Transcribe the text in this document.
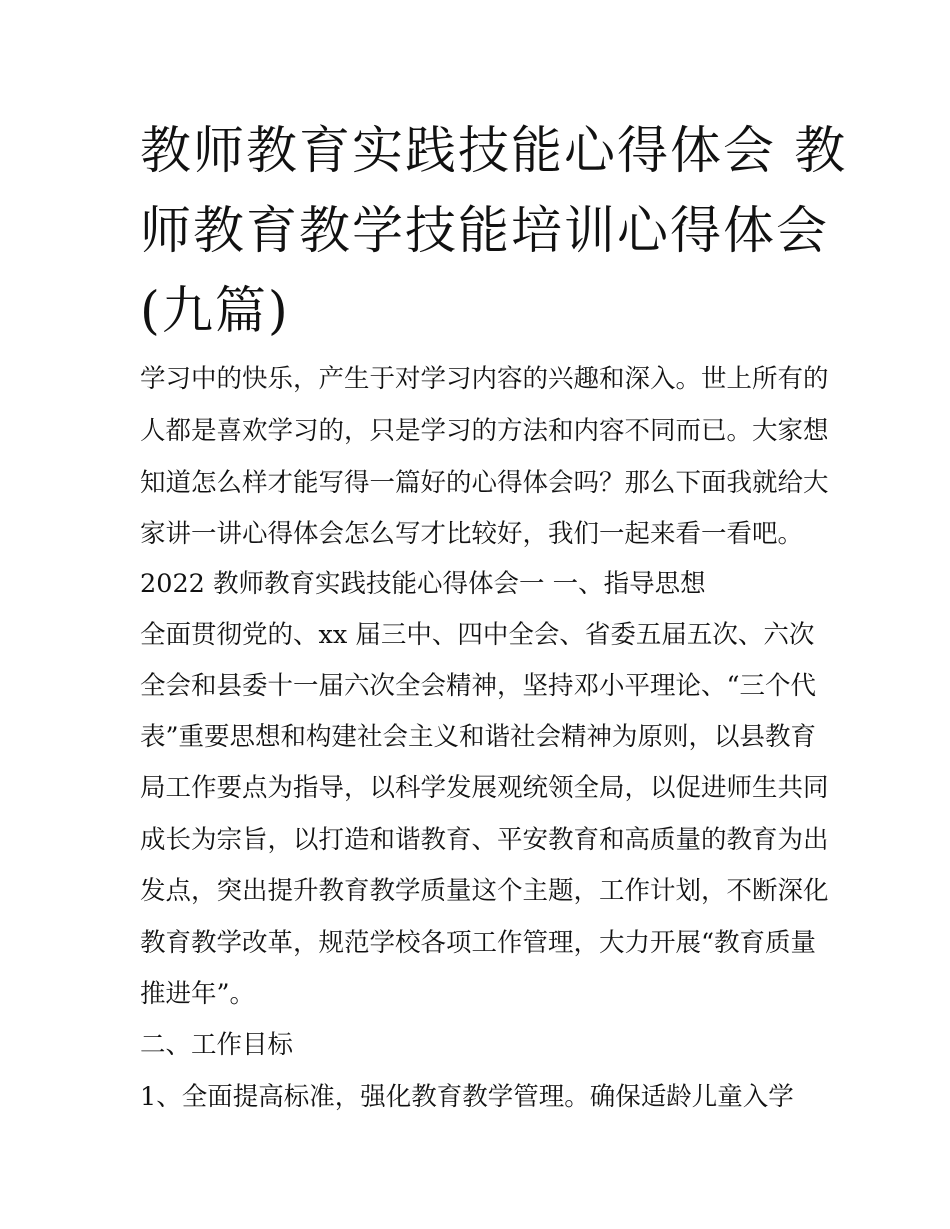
教师教育实践技能心得体会 教
师教育教学技能培训心得体会
(九篇)

学习中的快乐，产生于对学习内容的兴趣和深入。世上所有的

人都是喜欢学习的，只是学习的方法和内容不同而已。大家想

知道怎么样才能写得一篇好的心得体会吗？那么下面我就给大

家讲一讲心得体会怎么写才比较好，我们一起来看一看吧。

2022 教师教育实践技能心得体会一 一、指导思想

全面贯彻党的、xx 届三中、四中全会、省委五届五次、六次

全会和县委十一届六次全会精神，坚持邓小平理论、“三个代

表”重要思想和构建社会主义和谐社会精神为原则，以县教育

局工作要点为指导，以科学发展观统领全局，以促进师生共同

成长为宗旨，以打造和谐教育、平安教育和高质量的教育为出

发点，突出提升教育教学质量这个主题，工作计划，不断深化

教育教学改革，规范学校各项工作管理，大力开展“教育质量

推进年”。

二、工作目标

1、全面提高标准，强化教育教学管理。确保适龄儿童入学
